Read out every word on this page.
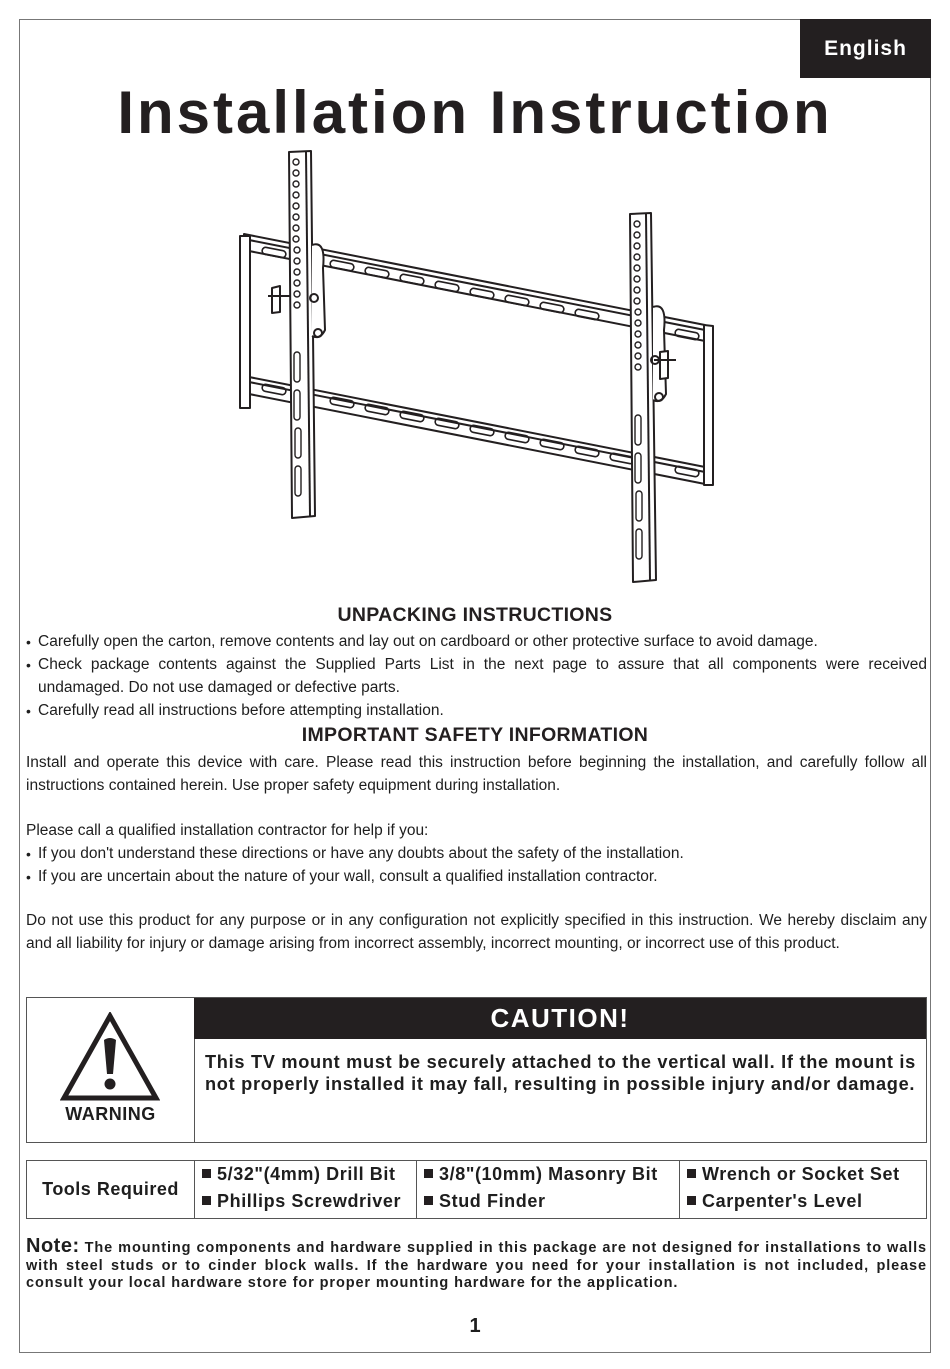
English
Installation Instruction
UNPACKING INSTRUCTIONS

• Carefully open the carton, remove contents and lay out on cardboard or other protective surface to avoid damage.

• Check package contents against the Supplied Parts List in the next page to assure that all components were received undamaged. Do not use damaged or defective parts.

• Carefully read all instructions before attempting installation.

IMPORTANT SAFETY INFORMATION

Install and operate this device with care. Please read this instruction before beginning the installation, and carefully follow all instructions contained herein. Use proper safety equipment during installation.

Please call a qualified installation contractor for help if you:

• If you don't understand these directions or have any doubts about the safety of the installation.

• If you are uncertain about the nature of your wall, consult a qualified installation contractor.

Do not use this product for any purpose or in any configuration not explicitly specified in this instruction. We hereby disclaim any and all liability for injury or damage arising from incorrect assembly, incorrect mounting, or incorrect use of this product.

WARNING
CAUTION!

This TV mount must be securely attached to the vertical wall. If the mount is not properly installed it may fall, resulting in possible injury and/or damage.

Tools Required
5/32"(4mm) Drill Bit
Phillips Screwdriver
3/8"(10mm) Masonry Bit
Stud Finder
Wrench or Socket Set
Carpenter's Level

Note: The mounting components and hardware supplied in this package are not designed for installations to walls with steel studs or to cinder block walls. If the hardware you need for your installation is not included, please consult your local hardware store for proper mounting hardware for the application.

1
